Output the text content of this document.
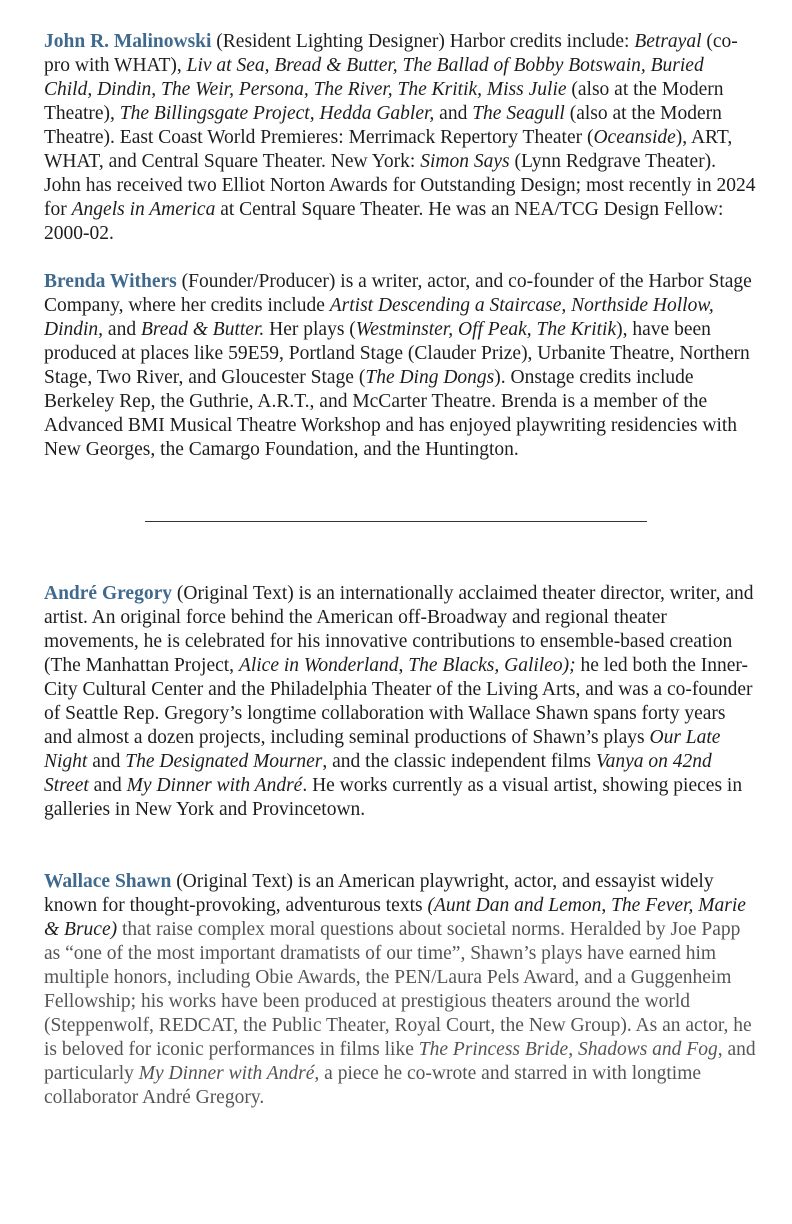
John R. Malinowski (Resident Lighting Designer) Harbor credits include: Betrayal (co-pro with WHAT), Liv at Sea, Bread & Butter, The Ballad of Bobby Botswain, Buried Child, Dindin, The Weir, Persona, The River, The Kritik, Miss Julie (also at the Modern Theatre), The Billingsgate Project, Hedda Gabler, and The Seagull (also at the Modern Theatre). East Coast World Premieres: Merrimack Repertory Theater (Oceanside), ART, WHAT, and Central Square Theater. New York: Simon Says (Lynn Redgrave Theater). John has received two Elliot Norton Awards for Outstanding Design; most recently in 2024 for Angels in America at Central Square Theater. He was an NEA/TCG Design Fellow: 2000-02.

Brenda Withers (Founder/Producer) is a writer, actor, and co-founder of the Harbor Stage Company, where her credits include Artist Descending a Staircase, Northside Hollow, Dindin, and Bread & Butter. Her plays (Westminster, Off Peak, The Kritik), have been produced at places like 59E59, Portland Stage (Clauder Prize), Urbanite Theatre, Northern Stage, Two River, and Gloucester Stage (The Ding Dongs). Onstage credits include Berkeley Rep, the Guthrie, A.R.T., and McCarter Theatre. Brenda is a member of the Advanced BMI Musical Theatre Workshop and has enjoyed playwriting residencies with New Georges, the Camargo Foundation, and the Huntington.

André Gregory (Original Text) is an internationally acclaimed theater director, writer, and artist. An original force behind the American off-Broadway and regional theater movements, he is celebrated for his innovative contributions to ensemble-based creation (The Manhattan Project, Alice in Wonderland, The Blacks, Galileo); he led both the Inner-City Cultural Center and the Philadelphia Theater of the Living Arts, and was a co-founder of Seattle Rep. Gregory’s longtime collaboration with Wallace Shawn spans forty years and almost a dozen projects, including seminal productions of Shawn’s plays Our Late Night and The Designated Mourner, and the classic independent films Vanya on 42nd Street and My Dinner with André. He works currently as a visual artist, showing pieces in galleries in New York and Provincetown.

Wallace Shawn (Original Text) is an American playwright, actor, and essayist widely known for thought-provoking, adventurous texts (Aunt Dan and Lemon, The Fever, Marie & Bruce) that raise complex moral questions about societal norms. Heralded by Joe Papp as “one of the most important dramatists of our time”, Shawn’s plays have earned him multiple honors, including Obie Awards, the PEN/Laura Pels Award, and a Guggenheim Fellowship; his works have been produced at prestigious theaters around the world (Steppenwolf, REDCAT, the Public Theater, Royal Court, the New Group). As an actor, he is beloved for iconic performances in films like The Princess Bride, Shadows and Fog, and particularly My Dinner with André, a piece he co-wrote and starred in with longtime collaborator André Gregory.
